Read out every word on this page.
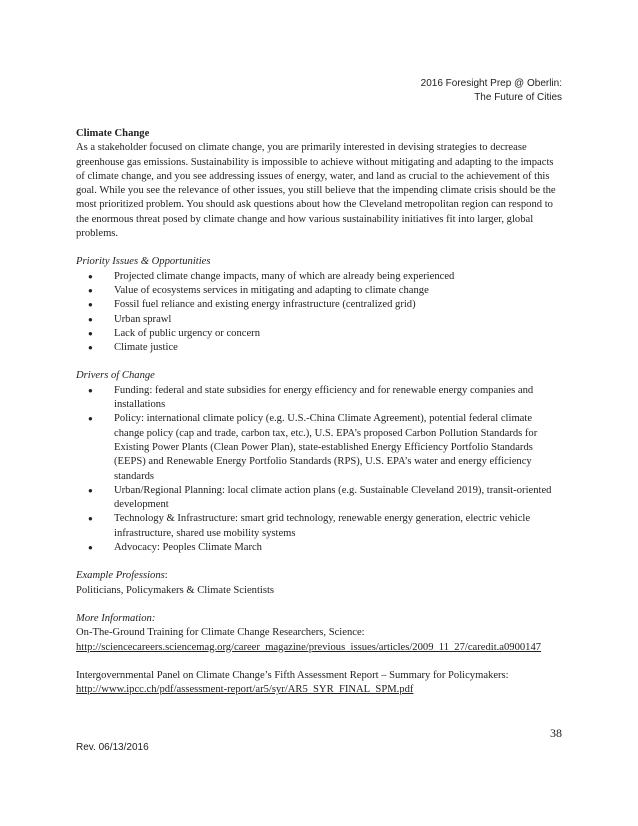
2016 Foresight Prep @ Oberlin:
The Future of Cities
Climate Change

As a stakeholder focused on climate change, you are primarily interested in devising strategies to decrease greenhouse gas emissions. Sustainability is impossible to achieve without mitigating and adapting to the impacts of climate change, and you see addressing issues of energy, water, and land as crucial to the achievement of this goal. While you see the relevance of other issues, you still believe that the impending climate crisis should be the most prioritized problem. You should ask questions about how the Cleveland metropolitan region can respond to the enormous threat posed by climate change and how various sustainability initiatives fit into larger, global problems.

Priority Issues & Opportunities

● Projected climate change impacts, many of which are already being experienced
● Value of ecosystems services in mitigating and adapting to climate change
● Fossil fuel reliance and existing energy infrastructure (centralized grid)
● Urban sprawl
● Lack of public urgency or concern
● Climate justice

Drivers of Change

● Funding: federal and state subsidies for energy efficiency and for renewable energy companies and installations
● Policy: international climate policy (e.g. U.S.-China Climate Agreement), potential federal climate change policy (cap and trade, carbon tax, etc.), U.S. EPA’s proposed Carbon Pollution Standards for Existing Power Plants (Clean Power Plan), state-established Energy Efficiency Portfolio Standards (EEPS) and Renewable Energy Portfolio Standards (RPS), U.S. EPA’s water and energy efficiency standards
● Urban/Regional Planning: local climate action plans (e.g. Sustainable Cleveland 2019), transit-oriented development
● Technology & Infrastructure: smart grid technology, renewable energy generation, electric vehicle infrastructure, shared use mobility systems
● Advocacy: Peoples Climate March

Example Professions:

Politicians, Policymakers & Climate Scientists

More Information:

On-The-Ground Training for Climate Change Researchers, Science:

http://sciencecareers.sciencemag.org/career_magazine/previous_issues/articles/2009_11_27/caredit.a0900147

Intergovernmental Panel on Climate Change’s Fifth Assessment Report – Summary for Policymakers:

http://www.ipcc.ch/pdf/assessment-report/ar5/syr/AR5_SYR_FINAL_SPM.pdf
38
Rev. 06/13/2016
